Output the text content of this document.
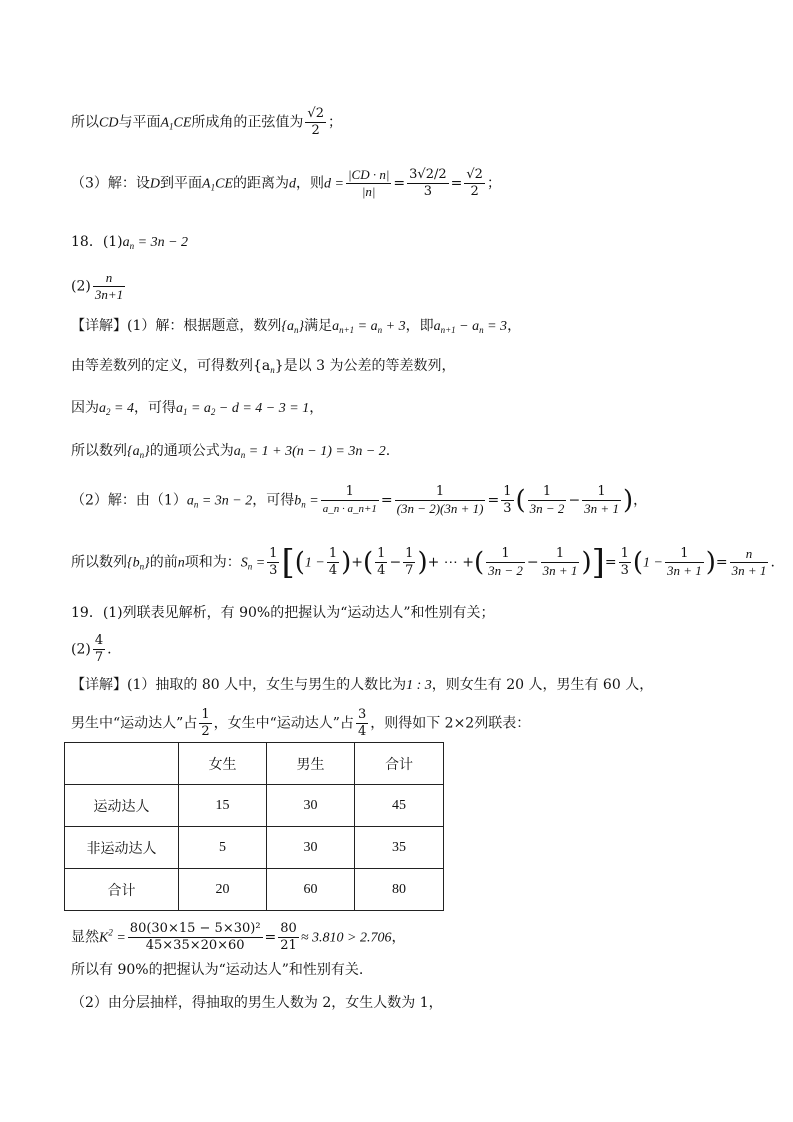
所以CD与平面$A_1CE$所成角的正弦值为 $\frac{√2}{2}$ ；
（3）解：设D到平面$A_1CE$的距离为d，则$d = \frac{|CD \cdot n|}{|n|} = \frac{3√2/2}{3} = \frac{√2}{2}$ ；
18．$(1)a_n = 3n - 2$
$(2) \frac{n}{3n+1}$
【详解】(1）解：根据题意，数列$\{a_n\}$满足$a_{n+1} = a_n + 3$，即$a_{n+1} - a_n = 3$，
由等差数列的定义，可得数列$\{a_n\}$是以 3 为公差的等差数列，
因为$a_2 = 4$，可得$a_1 = a_2 - d = 4 - 3 = 1$，
所以数列$\{a_n\}$的通项公式为$a_n = 1 + 3(n - 1) = 3n - 2$.
（2）解：由$(1)a_n = 3n - 2$，可得$b_n = \frac{1}{a\_n \cdot a\_n+1} = \frac{1}{(3n - 2)(3n + 1)} = \frac{1}{3}$ ( $\frac{1}{3n - 2} - \frac{1}{3n + 1}$ )，
所以数列$\{b_n\}$的前n项和为：$S_n = \frac{1}{3} [(1 - \frac{1}{4}$ )+( $\frac{1}{4} - \frac{1}{7}$ )+ ⋯ +( $\frac{1}{3n - 2} - \frac{1}{3n + 1}$ )]= $\frac{1}{3} (1 - \frac{1}{3n + 1}$ )= $\frac{n}{3n + 1}$ .
19．(1)列联表见解析，有 90%的把握认为“运动达人”和性别有关；
$(2) \frac{4}{7}$ .
【详解】(1）抽取的 80 人中，女生与男生的人数比为1 : 3，则女生有 20 人，男生有 60 人，
男生中“运动达人”占 $\frac{1}{2}$ ，女生中“运动达人”占 $\frac{3}{4}$ ，则得如下 2×2列联表：
	女生	男生	合计
运动达人	15	30	45
非运动达人	5	30	35
合计	20	60	80
显然$K^2 = \frac{\text{80(30×15 − 5×30)²}}{45\times 35\times 20\times 60} = \frac{80}{21} \approx 3.810 > 2.706$，
所以有 90%的把握认为“运动达人”和性别有关.
（2）由分层抽样，得抽取的男生人数为 2，女生人数为 1，
